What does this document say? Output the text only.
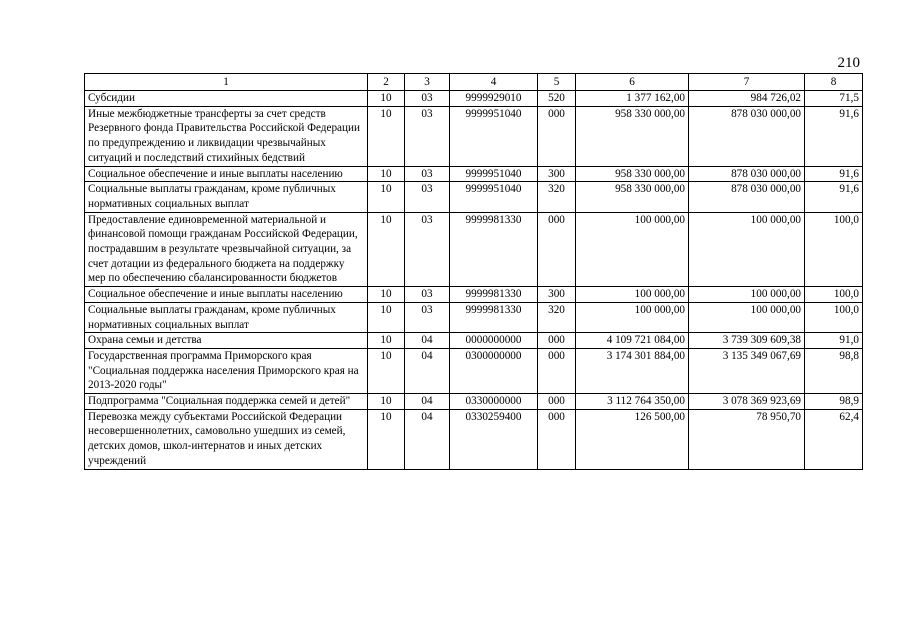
210
1	2	3	4	5	6	7	8
Субсидии	10	03	9999929010	520	1 377 162,00	984 726,02	71,5
Иные межбюджетные трансферты за счет средств Резервного фонда Правительства Российской Федерации по предупреждению и ликвидации чрезвычайных ситуаций и последствий стихийных бедствий	10	03	9999951040	000	958 330 000,00	878 030 000,00	91,6
Социальное обеспечение и иные выплаты населению	10	03	9999951040	300	958 330 000,00	878 030 000,00	91,6
Социальные выплаты гражданам, кроме публичных нормативных социальных выплат	10	03	9999951040	320	958 330 000,00	878 030 000,00	91,6
Предоставление единовременной материальной и финансовой помощи гражданам Российской Федерации, пострадавшим в результате чрезвычайной ситуации, за счет дотации из федерального бюджета на поддержку мер по обеспечению сбалансированности бюджетов	10	03	9999981330	000	100 000,00	100 000,00	100,0
Социальное обеспечение и иные выплаты населению	10	03	9999981330	300	100 000,00	100 000,00	100,0
Социальные выплаты гражданам, кроме публичных нормативных социальных выплат	10	03	9999981330	320	100 000,00	100 000,00	100,0
Охрана семьи и детства	10	04	0000000000	000	4 109 721 084,00	3 739 309 609,38	91,0
Государственная программа Приморского края "Социальная поддержка населения Приморского края на 2013-2020 годы"	10	04	0300000000	000	3 174 301 884,00	3 135 349 067,69	98,8
Подпрограмма "Социальная поддержка семей и детей"	10	04	0330000000	000	3 112 764 350,00	3 078 369 923,69	98,9
Перевозка между субъектами Российской Федерации несовершеннолетних, самовольно ушедших из семей, детских домов, школ-интернатов и иных детских учреждений	10	04	0330259400	000	126 500,00	78 950,70	62,4
